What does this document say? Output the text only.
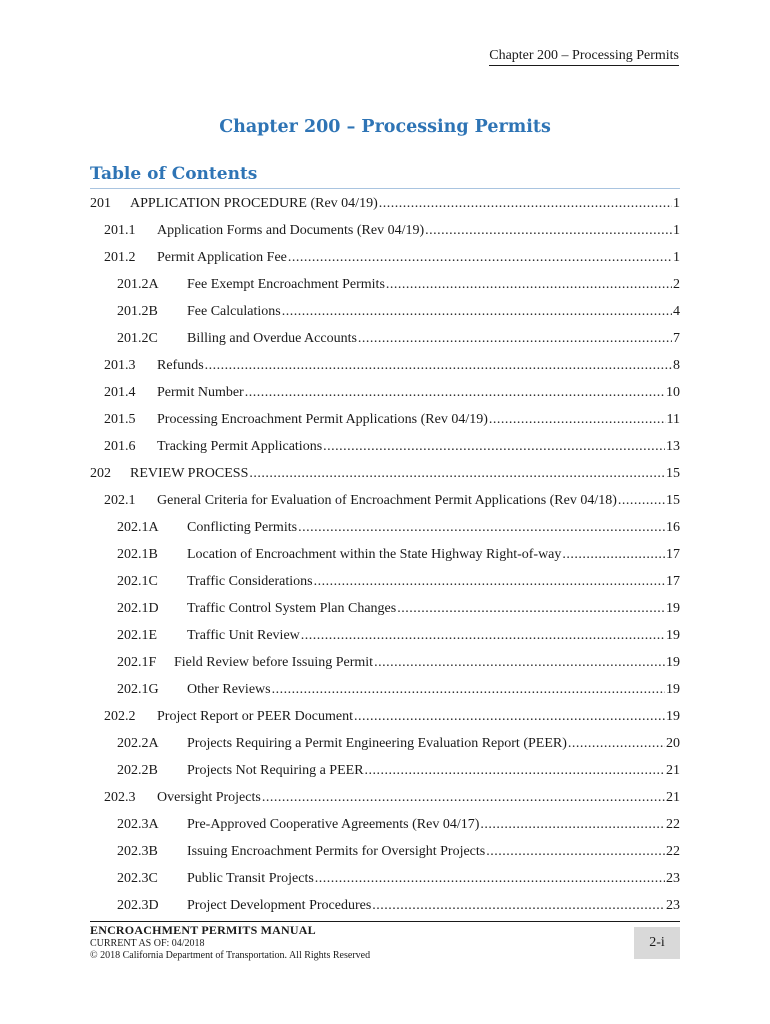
Chapter 200 – Processing Permits
Chapter 200 – Processing Permits
Table of Contents
201	APPLICATION PROCEDURE (Rev 04/19) .....	1
201.1	Application Forms and Documents (Rev 04/19) .....	1
201.2	Permit Application Fee .....	1
201.2A	Fee Exempt Encroachment Permits .....	2
201.2B	Fee Calculations .....	4
201.2C	Billing and Overdue Accounts .....	7
201.3	Refunds .....	8
201.4	Permit Number .....	10
201.5	Processing Encroachment Permit Applications (Rev 04/19) .....	11
201.6	Tracking Permit Applications .....	13
202	REVIEW PROCESS .....	15
202.1	General Criteria for Evaluation of Encroachment Permit Applications (Rev 04/18) .....	15
202.1A	Conflicting Permits .....	16
202.1B	Location of Encroachment within the State Highway Right-of-way .....	17
202.1C	Traffic Considerations .....	17
202.1D	Traffic Control System Plan Changes .....	19
202.1E	Traffic Unit Review .....	19
202.1F	Field Review before Issuing Permit .....	19
202.1G	Other Reviews .....	19
202.2	Project Report or PEER Document .....	19
202.2A	Projects Requiring a Permit Engineering Evaluation Report (PEER) .....	20
202.2B	Projects Not Requiring a PEER .....	21
202.3	Oversight Projects .....	21
202.3A	Pre-Approved Cooperative Agreements (Rev 04/17) .....	22
202.3B	Issuing Encroachment Permits for Oversight Projects .....	22
202.3C	Public Transit Projects .....	23
202.3D	Project Development Procedures .....	23
ENCROACHMENT PERMITS MANUAL
CURRENT AS OF: 04/2018
© 2018 California Department of Transportation. All Rights Reserved
2-i
